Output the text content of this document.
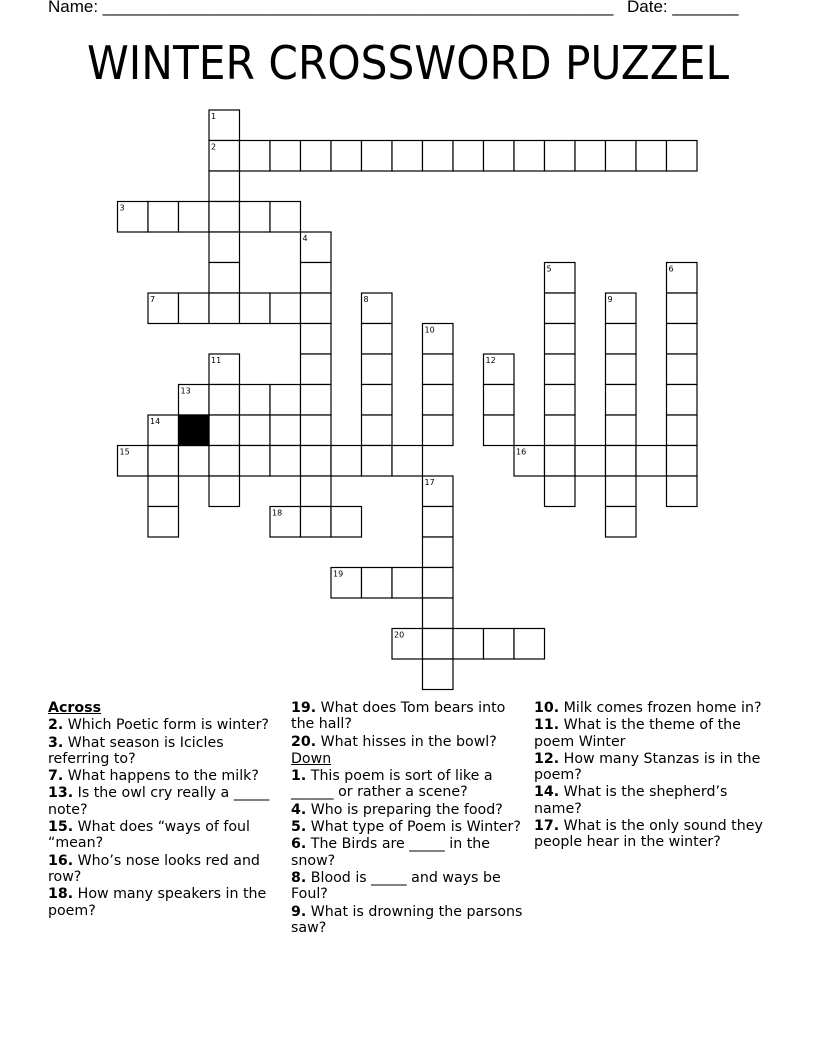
Name: ______________________________________________________ Date: _______
WINTER CROSSWORD PUZZEL
1
2
3
4
5	6
7	8	9
10
11	12
13
14
15	16
17
18
19
20
Across
2. Which Poetic form is winter?
3. What season is Icicles referring to?
7. What happens to the milk?
13. Is the owl cry really a _____ note?
15. What does “ways of foul “mean?
16. Who’s nose looks red and row?
18. How many speakers in the poem?
19. What does Tom bears into the hall?
20. What hisses in the bowl?
Down
1. This poem is sort of like a ______ or rather a scene?
4. Who is preparing the food?
5. What type of Poem is Winter?
6. The Birds are _____ in the snow?
8. Blood is _____ and ways be Foul?
9. What is drowning the parsons saw?
10. Milk comes frozen home in?
11. What is the theme of the poem Winter
12. How many Stanzas is in the poem?
14. What is the shepherd’s name?
17. What is the only sound they people hear in the winter?
